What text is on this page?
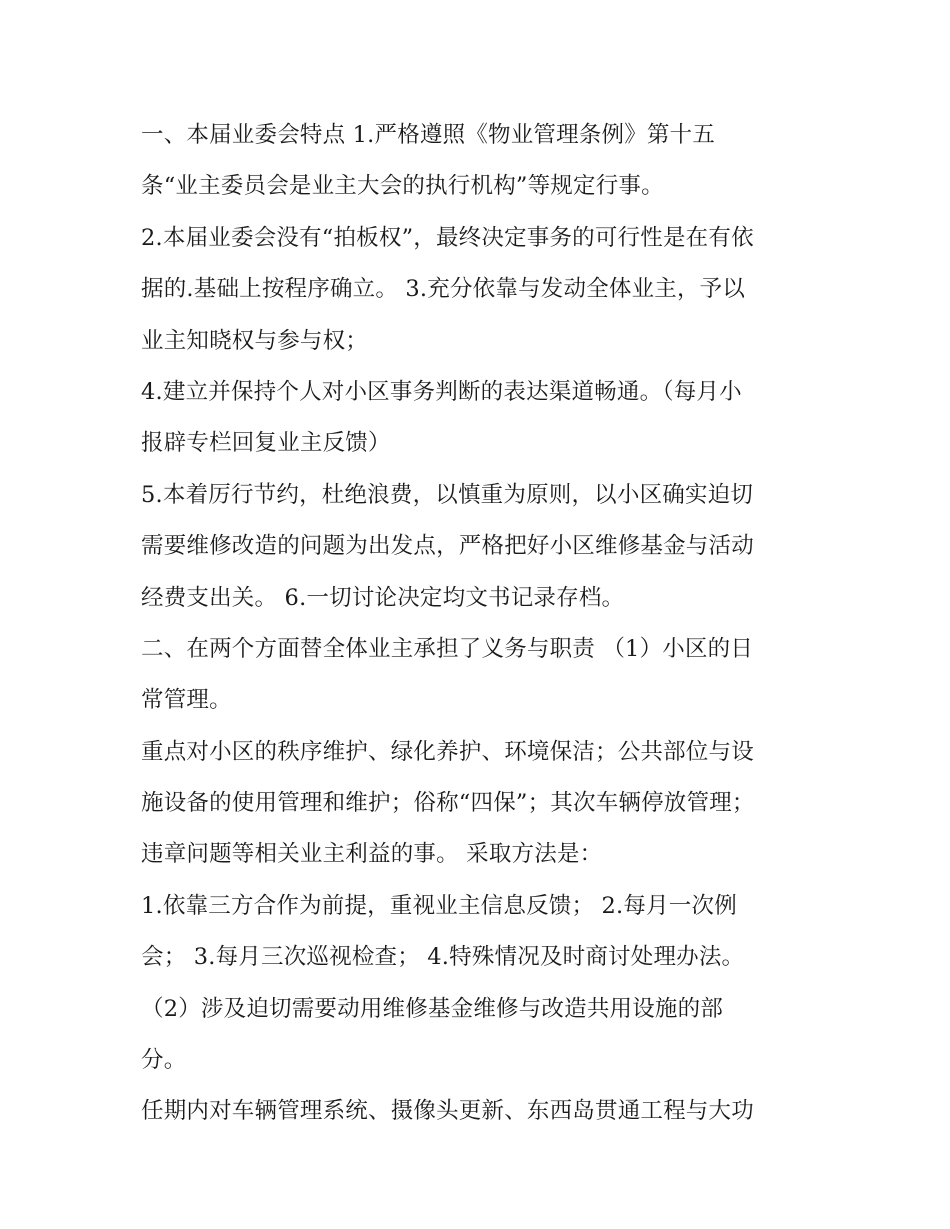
一、本届业委会特点 1.严格遵照《物业管理条例》第十五
条“业主委员会是业主大会的执行机构”等规定行事。
2.本届业委会没有“拍板权”，最终决定事务的可行性是在有依
据的.基础上按程序确立。 3.充分依靠与发动全体业主，予以
业主知晓权与参与权；
4.建立并保持个人对小区事务判断的表达渠道畅通。（每月小
报辟专栏回复业主反馈）
5.本着厉行节约，杜绝浪费，以慎重为原则，以小区确实迫切
需要维修改造的问题为出发点，严格把好小区维修基金与活动
经费支出关。 6.一切讨论决定均文书记录存档。
二、在两个方面替全体业主承担了义务与职责 （1）小区的日
常管理。
重点对小区的秩序维护、绿化养护、环境保洁；公共部位与设
施设备的使用管理和维护；俗称“四保”；其次车辆停放管理；
违章问题等相关业主利益的事。 采取方法是：
1.依靠三方合作为前提，重视业主信息反馈； 2.每月一次例
会； 3.每月三次巡视检查； 4.特殊情况及时商讨处理办法。
（2）涉及迫切需要动用维修基金维修与改造共用设施的部
分。
任期内对车辆管理系统、摄像头更新、东西岛贯通工程与大功
